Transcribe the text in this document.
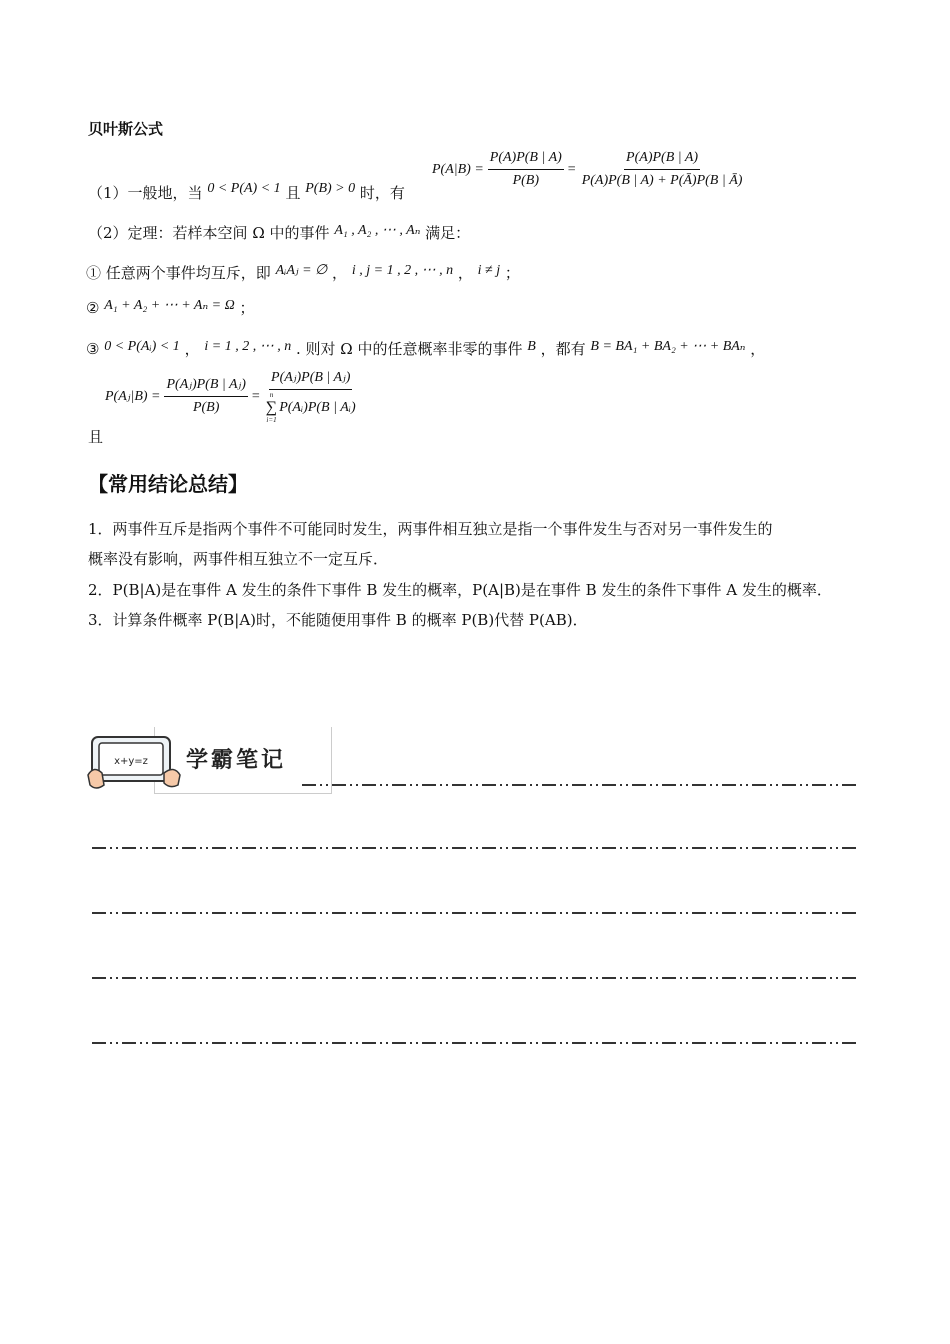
贝叶斯公式
（1）一般地，当 0 < P(A) < 1 且 P(B) > 0 时，有
$P(A|B) = \frac{P(A)P(B | A)}{P(B)} = \frac{P(A)P(B | A)}{P(A)P(B | A) + P(Ā)P(B | Ā)}$
（2）定理：若样本空间 Ω 中的事件 A₁ , A₂ , ⋯ , Aₙ 满足：
① 任意两个事件均互斥，即 AᵢAⱼ = ∅ ， i , j = 1 , 2 , ⋯ , n ， i ≠ j ；
② A₁ + A₂ + ⋯ + Aₙ = Ω ；
③ 0 < P(Aᵢ) < 1 ， i = 1 , 2 , ⋯ , n . 则对 Ω 中的任意概率非零的事件 B ，都有 B = BA₁ + BA₂ + ⋯ + BAₙ ，
P(Aⱼ|B) = $\frac{\text{P(Aⱼ)P(B | Aⱼ)}}{P(B)}$ = P(Aⱼ)P(B | Aⱼ)
n
∑
i=1
P(Aᵢ)P(B | Aᵢ)
且
【常用结论总结】
1．两事件互斥是指两个事件不可能同时发生，两事件相互独立是指一个事件发生与否对另一事件发生的
概率没有影响，两事件相互独立不一定互斥．
2．P(B|A)是在事件 A 发生的条件下事件 B 发生的概率，P(A|B)是在事件 B 发生的条件下事件 A 发生的概率．
3．计算条件概率 P(B|A)时，不能随便用事件 B 的概率 P(B)代替 P(AB)．
x+y=z 学霸笔记
